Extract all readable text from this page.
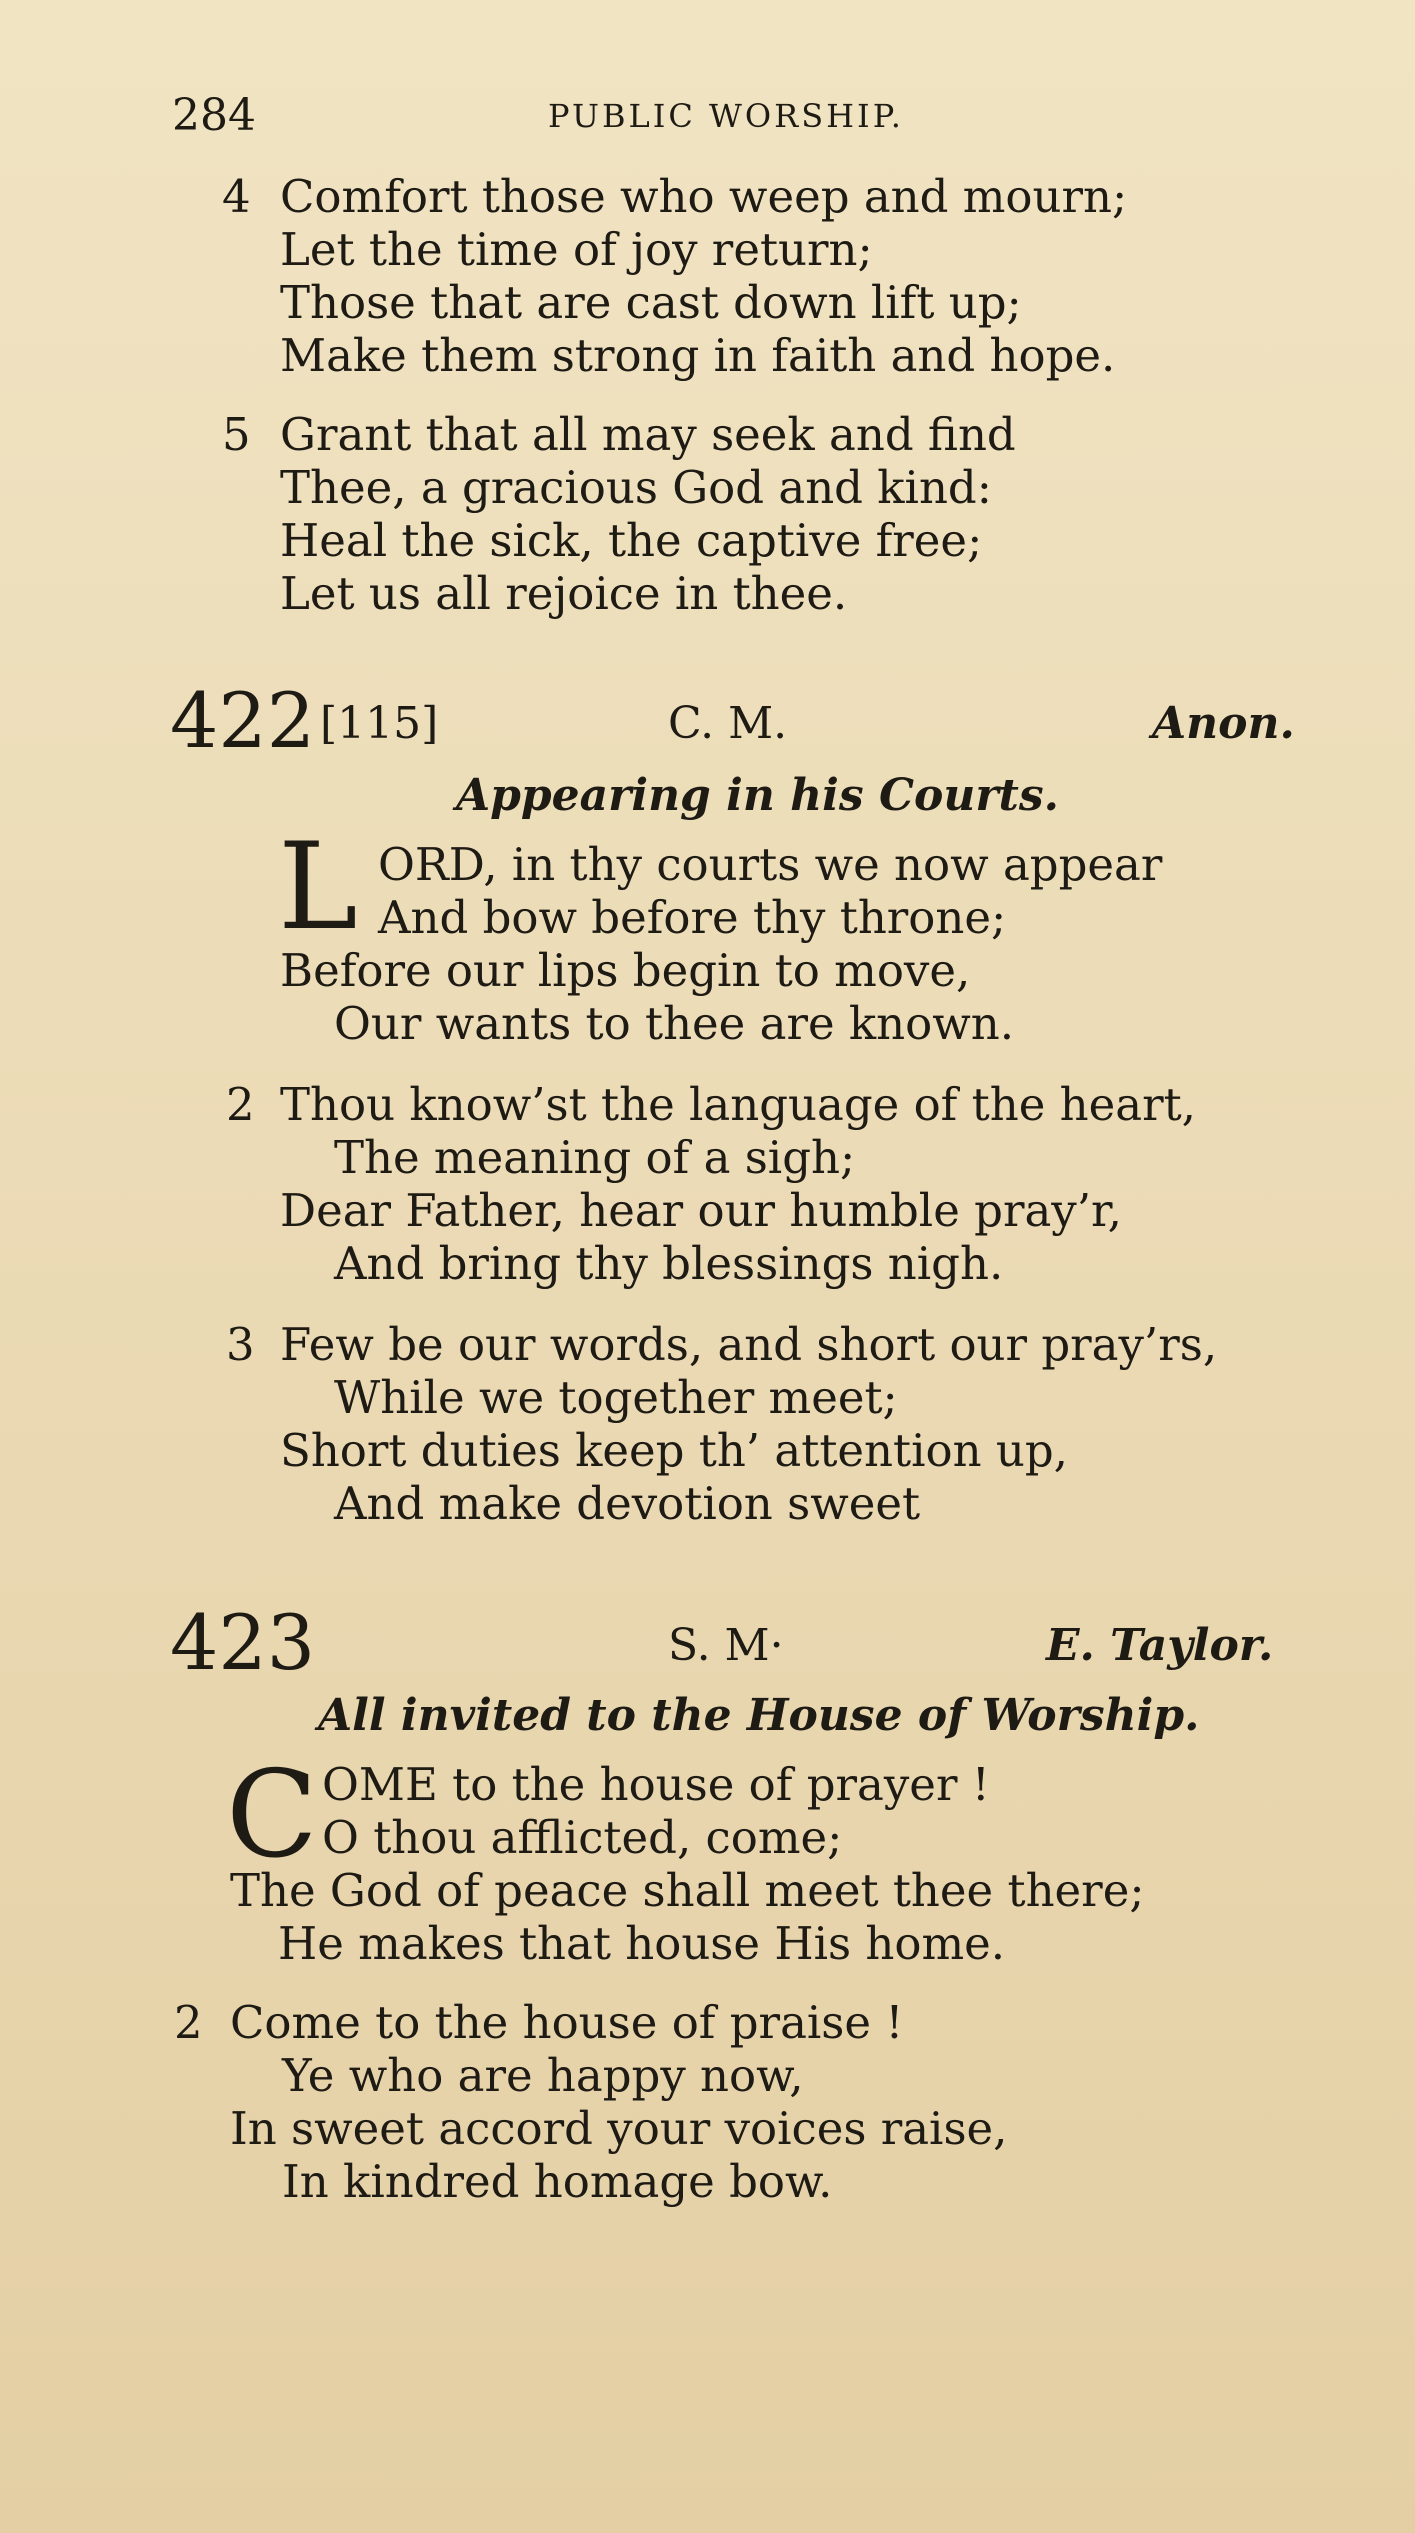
284	PUBLIC WORSHIP.
4 Comfort those who weep and mourn;
Let the time of joy return;
Those that are cast down lift up;
Make them strong in faith and hope.
5 Grant that all may seek and find
Thee, a gracious God and kind:
Heal the sick, the captive free;
Let us all rejoice in thee.
422 [115]	C. M.	Anon.
Appearing in his Courts.
L ORD, in thy courts we now appear
And bow before thy throne;
Before our lips begin to move,
Our wants to thee are known.
2 Thou know’st the language of the heart,
The meaning of a sigh;
Dear Father, hear our humble pray’r,
And bring thy blessings nigh.
3 Few be our words, and short our pray’rs,
While we together meet;
Short duties keep th’ attention up,
And make devotion sweet
423	S. M·	E. Taylor.
All invited to the House of Worship.
C OME to the house of prayer !
O thou afflicted, come;
The God of peace shall meet thee there;
He makes that house His home.
2 Come to the house of praise !
Ye who are happy now,
In sweet accord your voices raise,
In kindred homage bow.
